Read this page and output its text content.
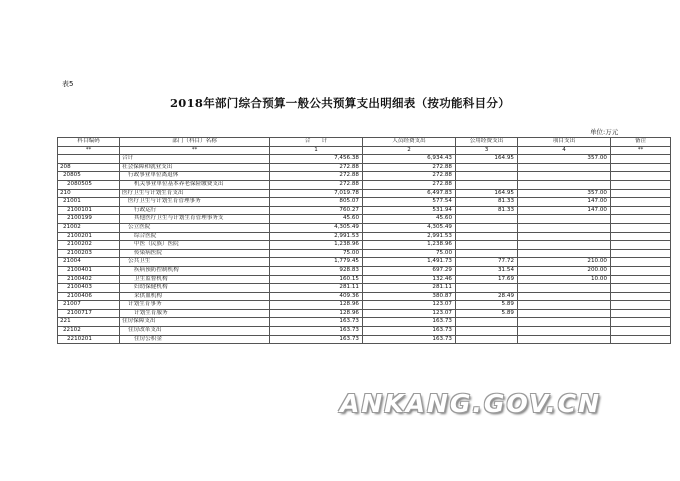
表5
2018年部门综合预算一般公共预算支出明细表（按功能科目分）
单位:万元
科目编码	部门（科目）名称	合　　计	人员经费支出	公用经费支出	项目支出	备注
**	**	1	2	3	4	**
	合计	7,456.38	6,934.43	164.95	357.00	
208	社会保障和就业支出	272.88	272.88			
20805	行政事业单位离退休	272.88	272.88			
2080505	机关事业单位基本养老保险缴费支出	272.88	272.88			
210	医疗卫生与计划生育支出	7,019.78	6,497.83	164.95	357.00	
21001	医疗卫生与计划生育管理事务	805.07	577.54	81.33	147.00	
2100101	行政运行	760.27	531.94	81.33	147.00	
2100199	其他医疗卫生与计划生育管理事务支	45.60	45.60			
21002	公立医院	4,305.49	4,305.49			
2100201	综合医院	2,991.53	2,991.53			
2100202	中医（民族）医院	1,238.96	1,238.96			
2100203	传染病医院	75.00	75.00			
21004	公共卫生	1,779.45	1,491.73	77.72	210.00	
2100401	疾病预防控制机构	928.83	697.29	31.54	200.00	
2100402	卫生监督机构	160.15	132.46	17.69	10.00	
2100403	妇幼保健机构	281.11	281.11			
2100406	采供血机构	409.36	380.87	28.49		
21007	计划生育事务	128.96	123.07	5.89		
2100717	计划生育服务	128.96	123.07	5.89		
221	住房保障支出	163.73	163.73			
22102	住房改革支出	163.73	163.73			
2210201	住房公积金	163.73	163.73			
ANKANG.GOV.CN
